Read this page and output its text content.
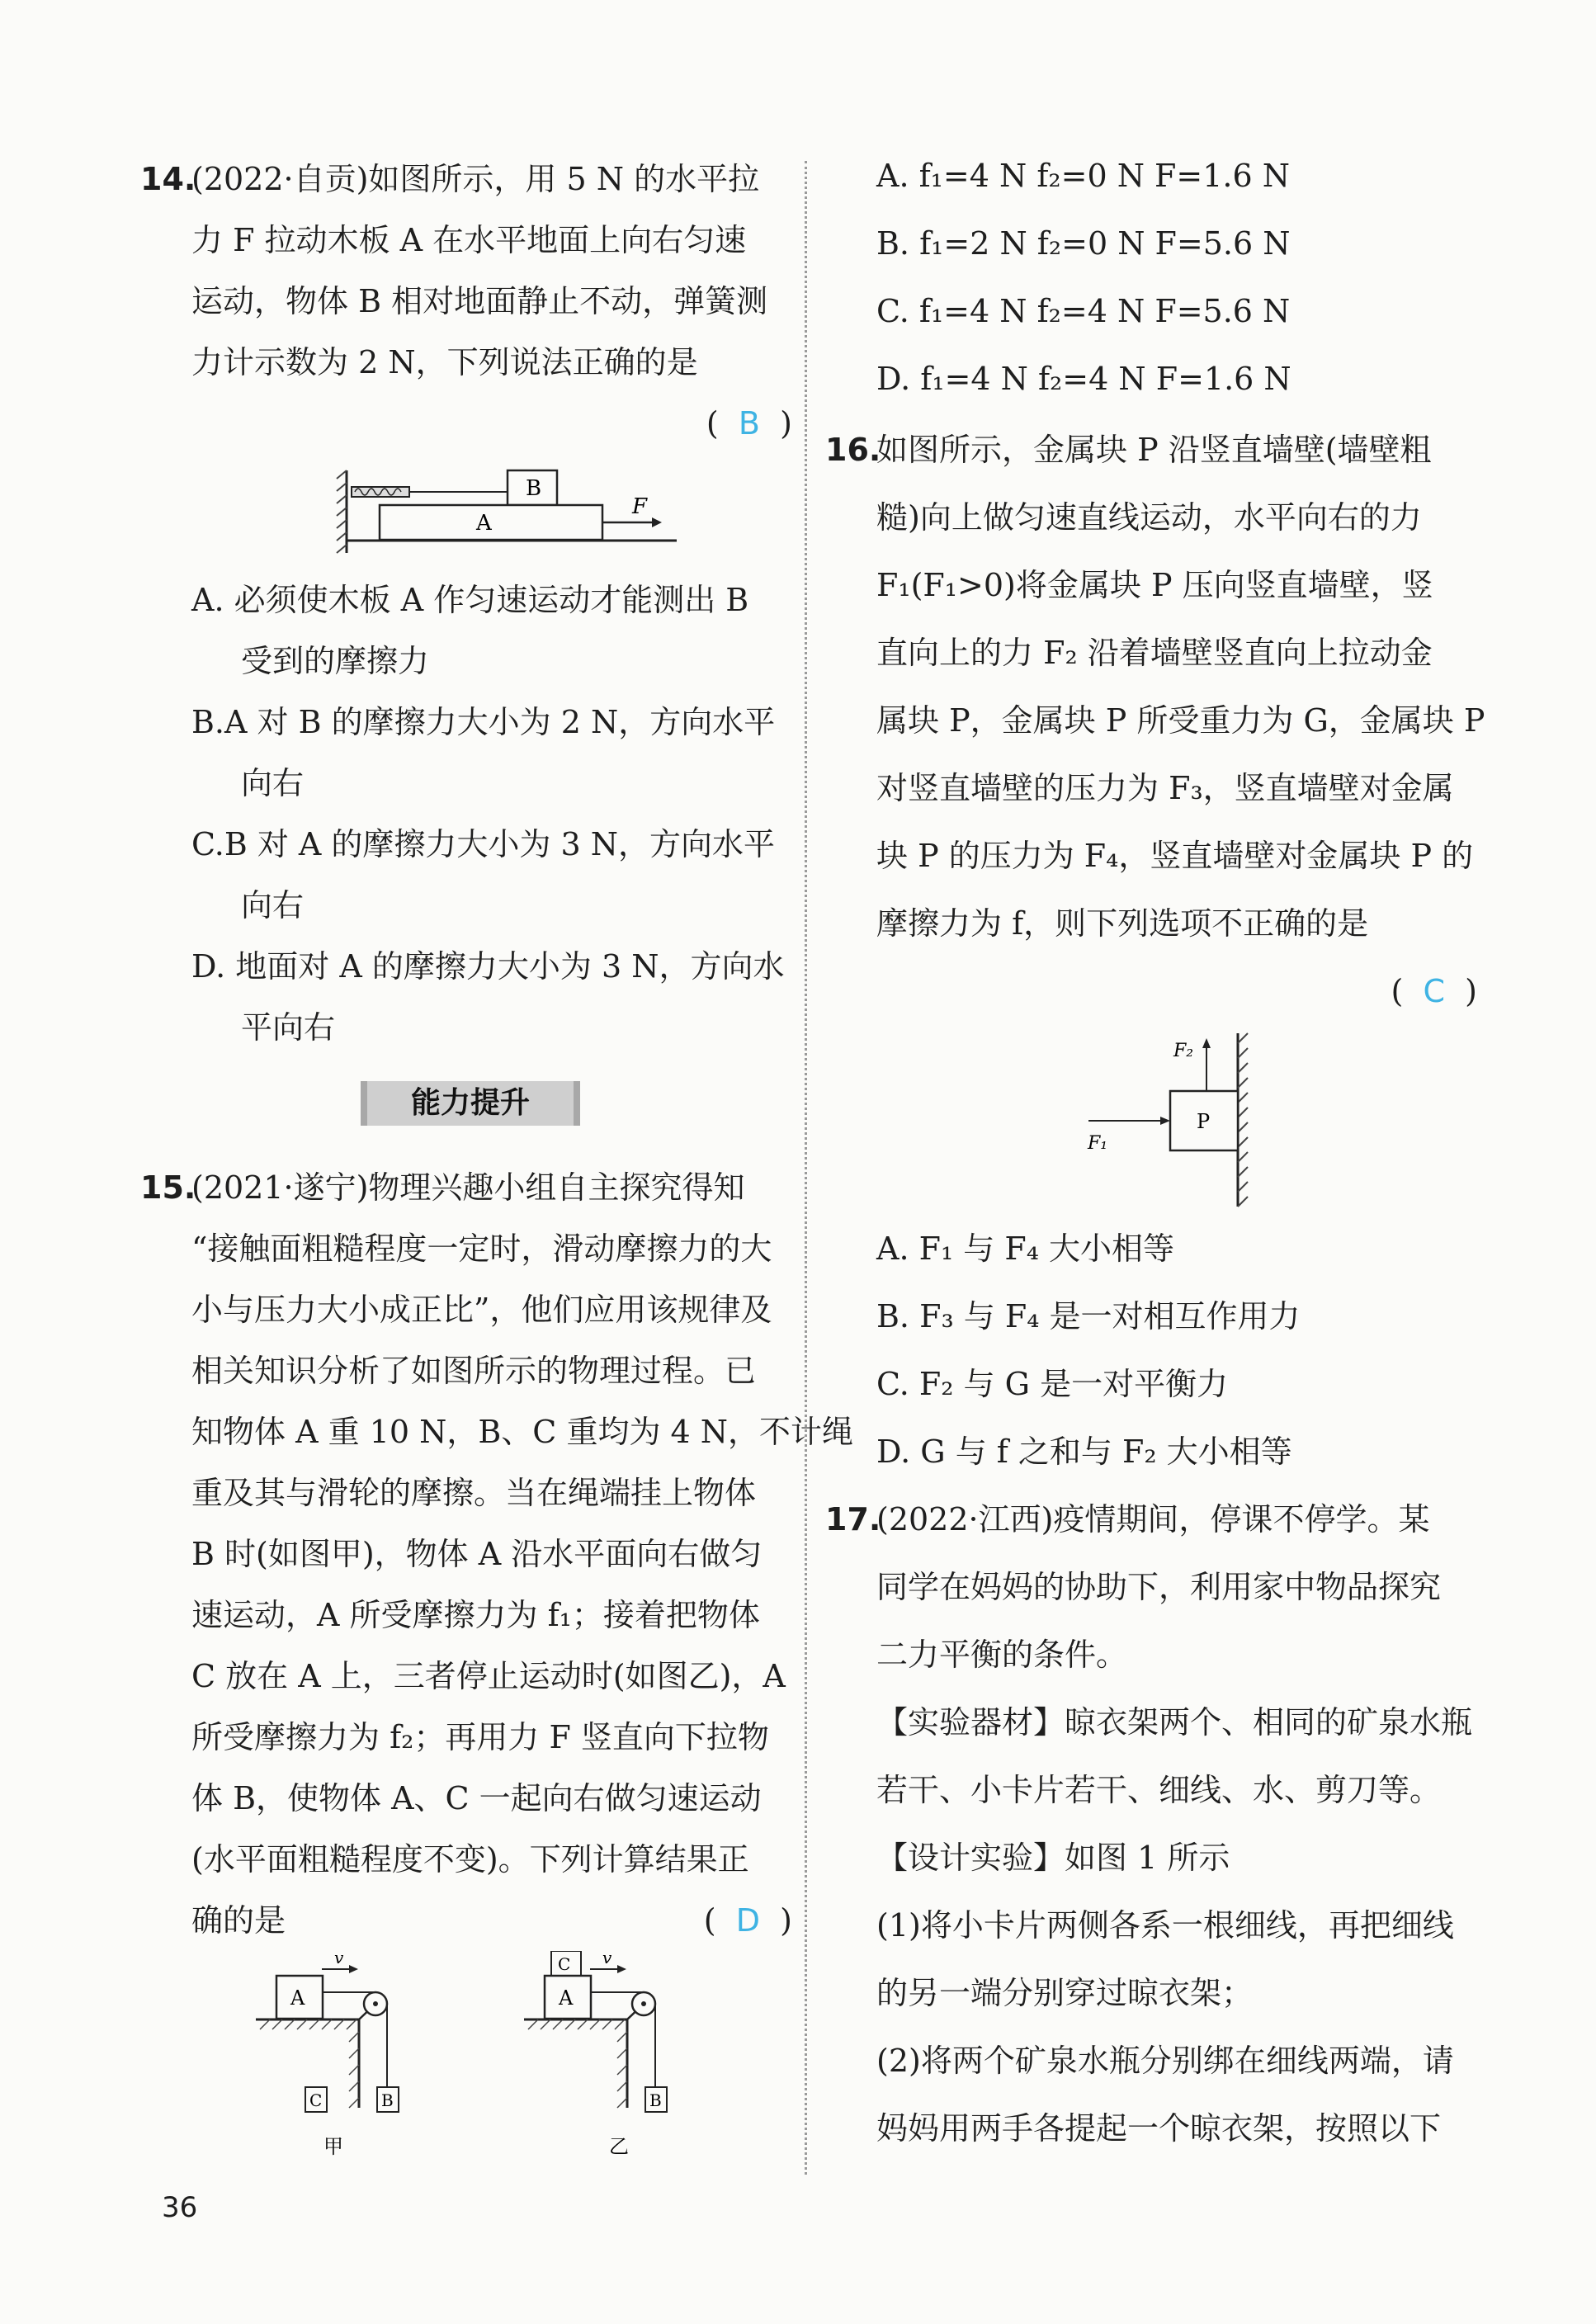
14.(2022·自贡)如图所示，用 5 N 的水平拉
力 F 拉动木板 A 在水平地面上向右匀速
运动，物体 B 相对地面静止不动，弹簧测
力计示数为 2 N，下列说法正确的是
( B )
B
A
F
A. 必须使木板 A 作匀速运动才能测出 B
受到的摩擦力
B.A 对 B 的摩擦力大小为 2 N，方向水平
向右
C.B 对 A 的摩擦力大小为 3 N，方向水平
向右
D. 地面对 A 的摩擦力大小为 3 N，方向水
平向右
能力提升
15.(2021·遂宁)物理兴趣小组自主探究得知
“接触面粗糙程度一定时，滑动摩擦力的大
小与压力大小成正比”，他们应用该规律及
相关知识分析了如图所示的物理过程。已
知物体 A 重 10 N，B、C 重均为 4 N，不计绳
重及其与滑轮的摩擦。当在绳端挂上物体
B 时(如图甲)，物体 A 沿水平面向右做匀
速运动，A 所受摩擦力为 f₁；接着把物体
C 放在 A 上，三者停止运动时(如图乙)，A
所受摩擦力为 f₂；再用力 F 竖直向下拉物
体 B，使物体 A、C 一起向右做匀速运动
(水平面粗糙程度不变)。下列计算结果正
确的是	( D )
A
v
B
C
甲
C
A
v
B
乙
A. f₁=4 N f₂=0 N F=1.6 N
B. f₁=2 N f₂=0 N F=5.6 N
C. f₁=4 N f₂=4 N F=5.6 N
D. f₁=4 N f₂=4 N F=1.6 N
16.如图所示，金属块 P 沿竖直墙壁(墙壁粗
糙)向上做匀速直线运动，水平向右的力
F₁(F₁>0)将金属块 P 压向竖直墙壁，竖
直向上的力 F₂ 沿着墙壁竖直向上拉动金
属块 P，金属块 P 所受重力为 G，金属块 P
对竖直墙壁的压力为 F₃，竖直墙壁对金属
块 P 的压力为 F₄，竖直墙壁对金属块 P 的
摩擦力为 f，则下列选项不正确的是
( C )
P
F₁
F₂
A. F₁ 与 F₄ 大小相等
B. F₃ 与 F₄ 是一对相互作用力
C. F₂ 与 G 是一对平衡力
D. G 与 f 之和与 F₂ 大小相等
17.(2022·江西)疫情期间，停课不停学。某
同学在妈妈的协助下，利用家中物品探究
二力平衡的条件。
【实验器材】晾衣架两个、相同的矿泉水瓶
若干、小卡片若干、细线、水、剪刀等。
【设计实验】如图 1 所示
(1)将小卡片两侧各系一根细线，再把细线
的另一端分别穿过晾衣架；
(2)将两个矿泉水瓶分别绑在细线两端，请
妈妈用两手各提起一个晾衣架，按照以下
36
